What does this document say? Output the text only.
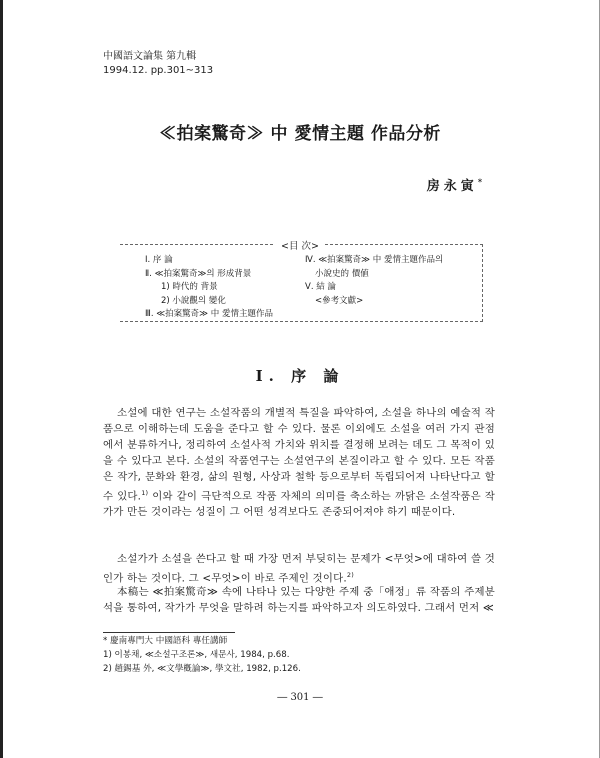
中國語文論集 第九輯
1994.12. pp.301∼313
≪拍案驚奇≫ 中 愛情主題 作品分析
房永寅*
<目 次>
Ⅰ. 序 論
Ⅱ. ≪拍案驚奇≫의 形成背景
1) 時代的 背景
2) 小說觀의 變化
Ⅲ. ≪拍案驚奇≫ 中 愛情主題作品
Ⅳ. ≪拍案驚奇≫ 中 愛情主題作品의
小說史的 價値
Ⅴ. 結 論
<參考文獻>
Ⅰ. 序 論
소설에 대한 연구는 소설작품의 개별적 특질을 파악하여, 소설을 하나의 예술적 작품으로 이해하는데 도움을 준다고 할 수 있다. 물론 이외에도 소설을 여러 가지 관점에서 분류하거나, 정리하여 소설사적 가치와 위치를 결정해 보려는 데도 그 목적이 있을 수 있다고 본다. 소설의 작품연구는 소설연구의 본질이라고 할 수 있다. 모든 작품은 작가, 문화와 환경, 삶의 원형, 사상과 철학 등으로부터 독립되어져 나타난다고 할 수 있다.$^{1)}$ 이와 같이 극단적으로 작품 자체의 의미를 축소하는 까닭은 소설작품은 작가가 만든 것이라는 성질이 그 어떤 성격보다도 존중되어져야 하기 때문이다.
소설가가 소설을 쓴다고 할 때 가장 먼저 부딪히는 문제가 <무엇>에 대하여 쓸 것인가 하는 것이다. 그 <무엇>이 바로 주제인 것이다.$^{2)}$
本稿는 ≪拍案驚奇≫ 속에 나타나 있는 다양한 주제 중「애정」류 작품의 주제분석을 통하여, 작가가 무엇을 말하려 하는지를 파악하고자 의도하였다. 그래서 먼저 ≪
* 慶南專門大 中國語科 專任講師
1) 이봉채, ≪소설구조론≫, 새문사, 1984, p.68.
2) 趙錫基 外, ≪文學槪論≫, 學文社, 1982, p.126.
― 301 ―
